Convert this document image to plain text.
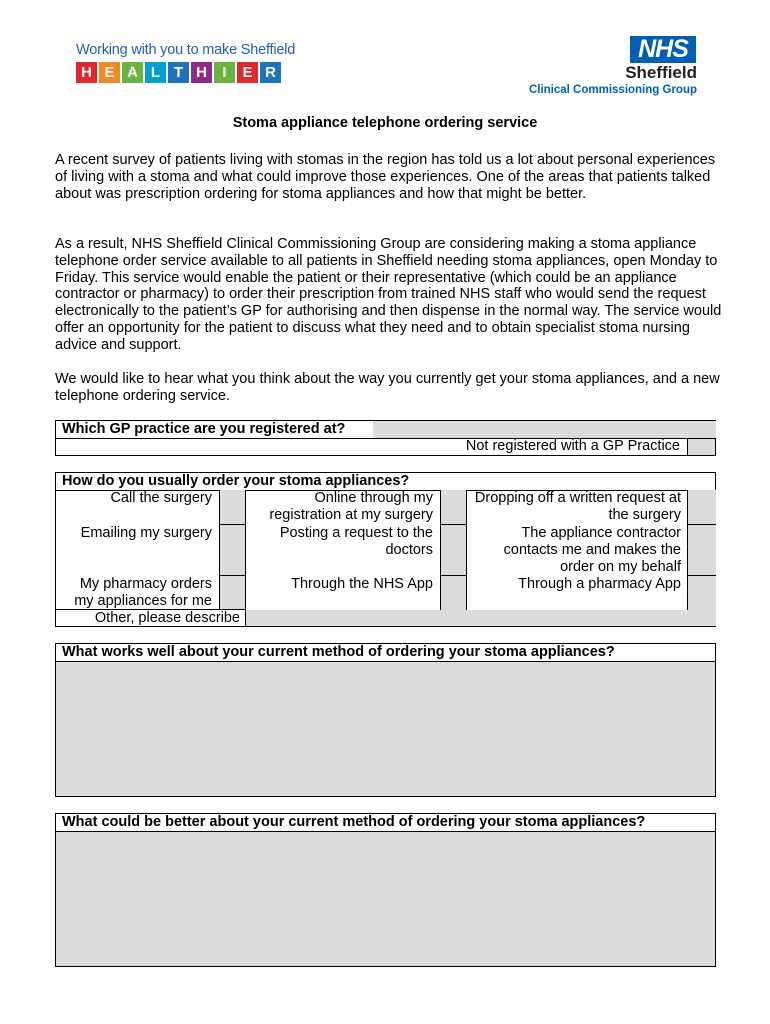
Working with you to make Sheffield
H E A L T H	I	E R
NHS
Sheffield
Clinical Commissioning Group
Stoma appliance telephone ordering service
A recent survey of patients living with stomas in the region has told us a lot about personal experiences of living with a stoma and what could improve those experiences. One of the areas that patients talked about was prescription ordering for stoma appliances and how that might be better.
As a result, NHS Sheffield Clinical Commissioning Group are considering making a stoma appliance telephone order service available to all patients in Sheffield needing stoma appliances, open Monday to Friday. This service would enable the patient or their representative (which could be an appliance contractor or pharmacy) to order their prescription from trained NHS staff who would send the request electronically to the patient’s GP for authorising and then dispense in the normal way. The service would offer an opportunity for the patient to discuss what they need and to obtain specialist stoma nursing advice and support.
We would like to hear what you think about the way you currently get your stoma appliances, and a new telephone ordering service.
Which GP practice are you registered at?
Not registered with a GP Practice
How do you usually order your stoma appliances?
Call the surgery
Emailing my surgery
My pharmacy orders my appliances for me
Other, please describe
Online through my registration at my surgery
Posting a request to the doctors
Through the NHS App
Dropping off a written request at the surgery
The appliance contractor contacts me and makes the order on my behalf
Through a pharmacy App
What works well about your current method of ordering your stoma appliances?
What could be better about your current method of ordering your stoma appliances?
